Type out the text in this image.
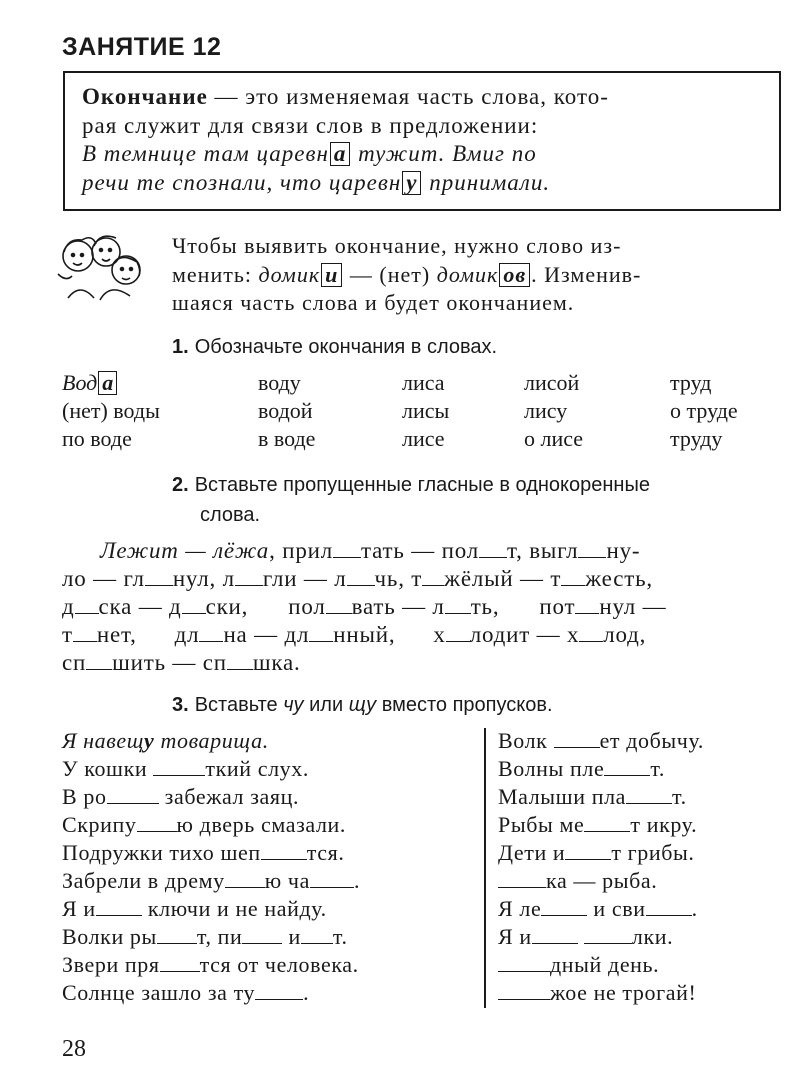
ЗАНЯТИЕ 12
Окончание — это изменяемая часть слова, кото-
рая служит для связи слов в предложении:
В темнице там царевн а тужит. Вмиг по
речи те спознали, что царевн у принимали.
Чтобы выявить окончание, нужно слово из-
менить: домик и — (нет) домик ов . Изменив-
шаяся часть слова и будет окончанием.
1. Обозначьте окончания в словах.
Вод а	воду	лиса	лисой	труд
(нет) воды	водой	лисы	лису	о труде
по воде	в воде	лисе	о лисе	труду
2. Вставьте пропущенные гласные в однокоренные
слова.
Лежит — лёжа, прил тать — пол т, выгл ну-
ло — гл нул, л гли — л чь, т жёлый — т жесть,
д ска — д ски, пол вать — л ть, пот нул —
т нет, дл на — дл нный, х лодит — х лод,
сп шить — сп шка.
3. Вставьте чу или щу вместо пропусков.
Я навещу товарища.
У кошки ткий слух.
В ро забежал заяц.
Скрипу ю дверь смазали.
Подружки тихо шеп тся.
Забрели в дрему ю ча .
Я и ключи и не найду.
Волки ры т, пи и т.
Звери пря тся от человека.
Солнце зашло за ту .
Волк ет добычу.
Волны пле т.
Малыши пла т.
Рыбы ме т икру.
Дети и т грибы.
ка — рыба.
Я ле и сви .
Я и	лки.
дный день.
жое не трогай!
28
